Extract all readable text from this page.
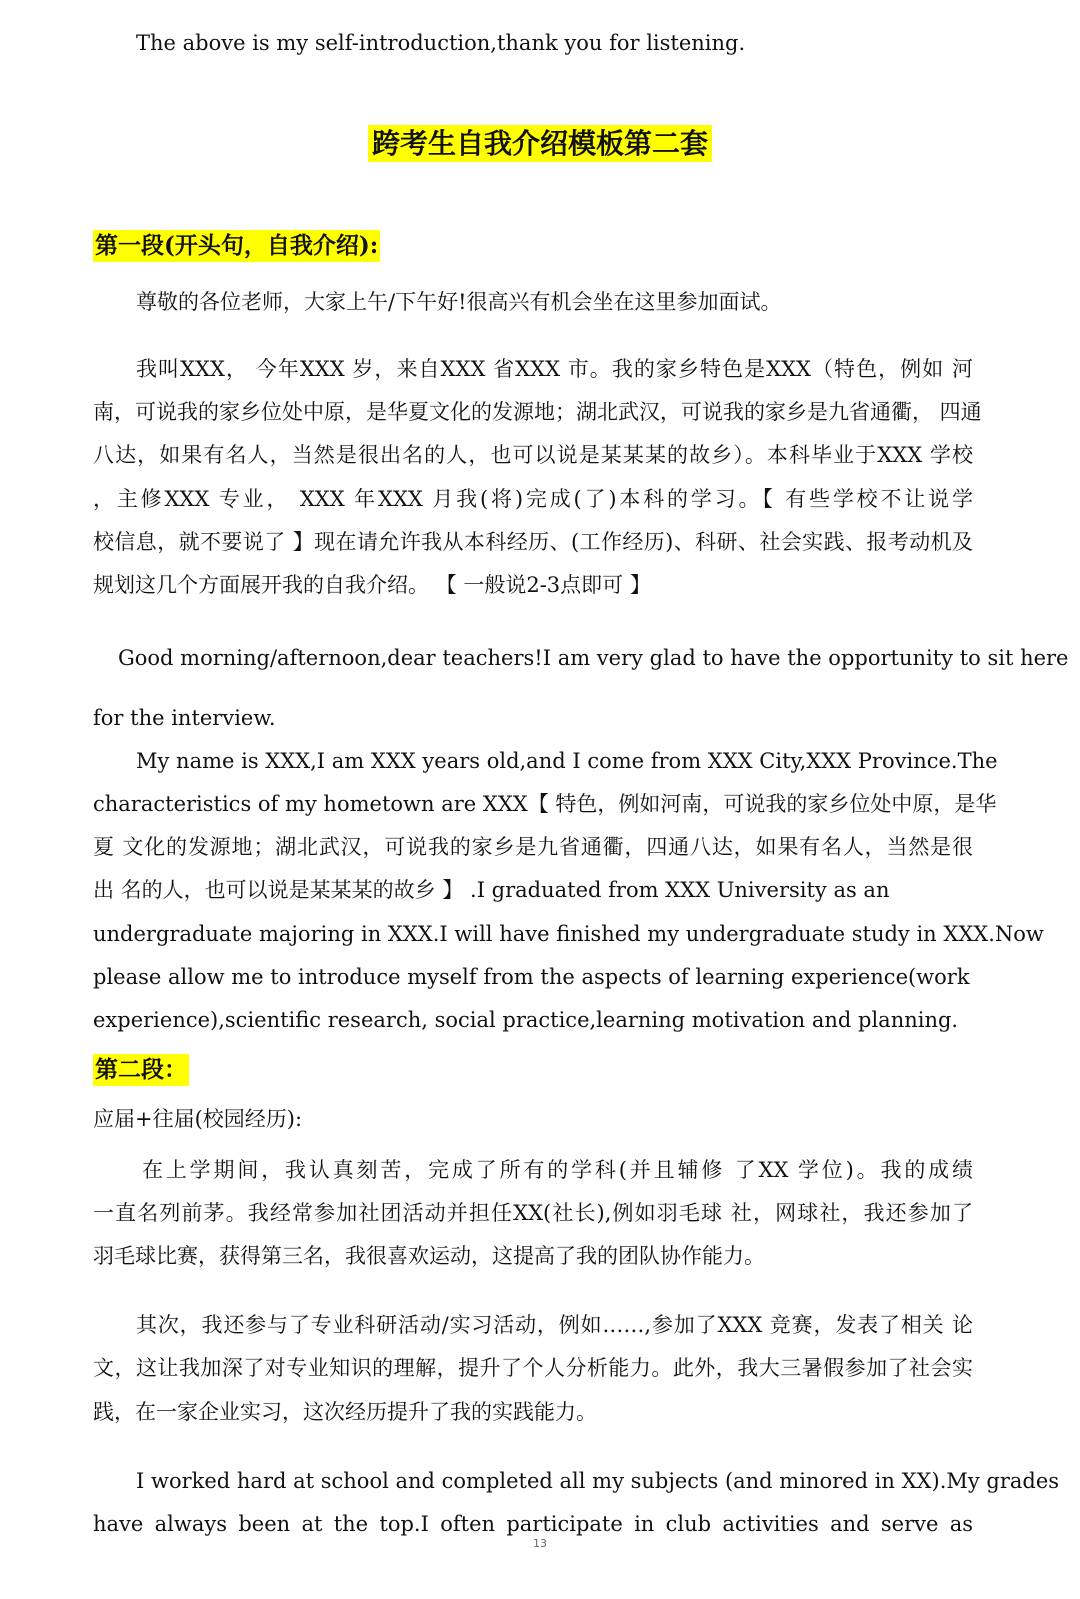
The above is my self-introduction,thank you for listening.
跨考生自我介绍模板第二套
第一段(开头句，自我介绍):
尊敬的各位老师，大家上午/下午好!很高兴有机会坐在这里参加面试。
我叫XXX， 今年XXX 岁，来自XXX 省XXX 市。我的家乡特色是XXX（特色，例如 河
南，可说我的家乡位处中原，是华夏文化的发源地；湖北武汉，可说我的家乡是九省通衢， 四通
八达，如果有名人，当然是很出名的人，也可以说是某某某的故乡）。本科毕业于XXX 学校
，主修XXX 专业， XXX 年XXX 月我(将)完成(了)本科的学习。【 有些学校不让说学
校信息，就不要说了 】现在请允许我从本科经历、(工作经历)、科研、社会实践、报考动机及
规划这几个方面展开我的自我介绍。 【 一般说2-3点即可 】
Good morning/afternoon,dear teachers!I am very glad to have the opportunity to sit here
for the interview.
My name is XXX,I am XXX years old,and I come from XXX City,XXX Province.The
characteristics of my hometown are XXX【 特色，例如河南，可说我的家乡位处中原，是华
夏 文化的发源地；湖北武汉，可说我的家乡是九省通衢，四通八达，如果有名人，当然是很
出 名的人，也可以说是某某某的故乡 】 .I graduated from XXX University as an
undergraduate majoring in XXX.I will have finished my undergraduate study in XXX.Now
please allow me to introduce myself from the aspects of learning experience(work
experience),scientific research, social practice,learning motivation and planning.
第二段：
应届+往届(校园经历):
在上学期间，我认真刻苦，完成了所有的学科(并且辅修 了XX 学位)。我的成绩
一直名列前茅。我经常参加社团活动并担任XX(社长),例如羽毛球 社，网球社，我还参加了
羽毛球比赛，获得第三名，我很喜欢运动，这提高了我的团队协作能力。
其次，我还参与了专业科研活动/实习活动，例如……,参加了XXX 竞赛，发表了相关 论
文，这让我加深了对专业知识的理解，提升了个人分析能力。此外，我大三暑假参加了社会实
践，在一家企业实习，这次经历提升了我的实践能力。
I worked hard at school and completed all my subjects (and minored in XX).My grades
have always been at the top.I often participate in club activities and serve as
13
